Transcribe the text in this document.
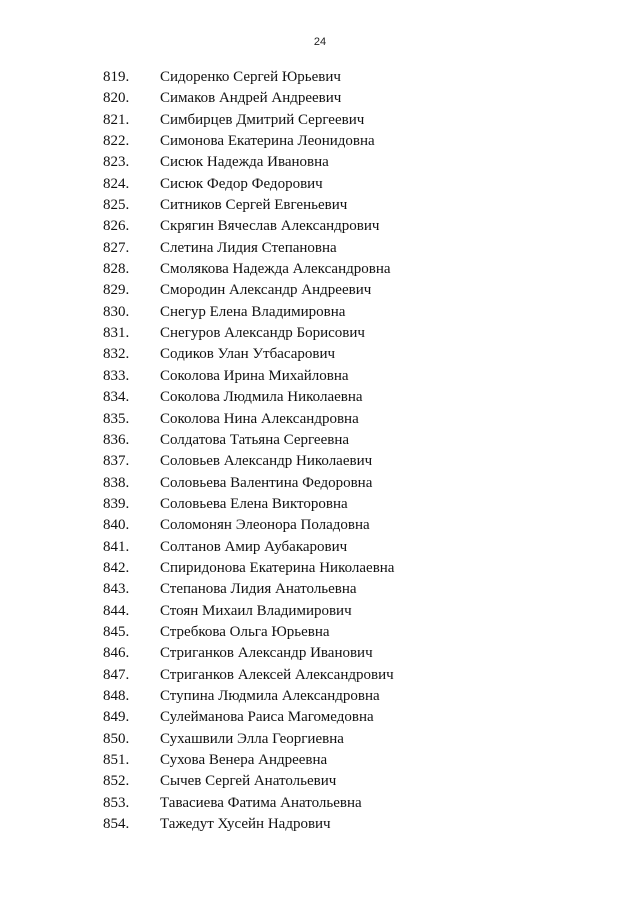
24
819.	Сидоренко Сергей Юрьевич
820.	Симаков Андрей Андреевич
821.	Симбирцев Дмитрий Сергеевич
822.	Симонова Екатерина Леонидовна
823.	Сисюк Надежда Ивановна
824.	Сисюк Федор Федорович
825.	Ситников Сергей Евгеньевич
826.	Скрягин Вячеслав Александрович
827.	Слетина Лидия Степановна
828.	Смолякова Надежда Александровна
829.	Смородин Александр Андреевич
830.	Снегур Елена Владимировна
831.	Снегуров Александр Борисович
832.	Содиков Улан Утбасарович
833.	Соколова Ирина Михайловна
834.	Соколова Людмила Николаевна
835.	Соколова Нина Александровна
836.	Солдатова Татьяна Сергеевна
837.	Соловьев Александр Николаевич
838.	Соловьева Валентина Федоровна
839.	Соловьева Елена Викторовна
840.	Соломонян Элеонора Поладовна
841.	Солтанов Амир Аубакарович
842.	Спиридонова Екатерина Николаевна
843.	Степанова Лидия Анатольевна
844.	Стоян Михаил Владимирович
845.	Стребкова Ольга Юрьевна
846.	Стриганков Александр Иванович
847.	Стриганков Алексей Александрович
848.	Ступина Людмила Александровна
849.	Сулейманова Раиса Магомедовна
850.	Сухашвили Элла Георгиевна
851.	Сухова Венера Андреевна
852.	Сычев Сергей Анатольевич
853.	Тавасиева Фатима Анатольевна
854.	Тажедут Хусейн Надрович
